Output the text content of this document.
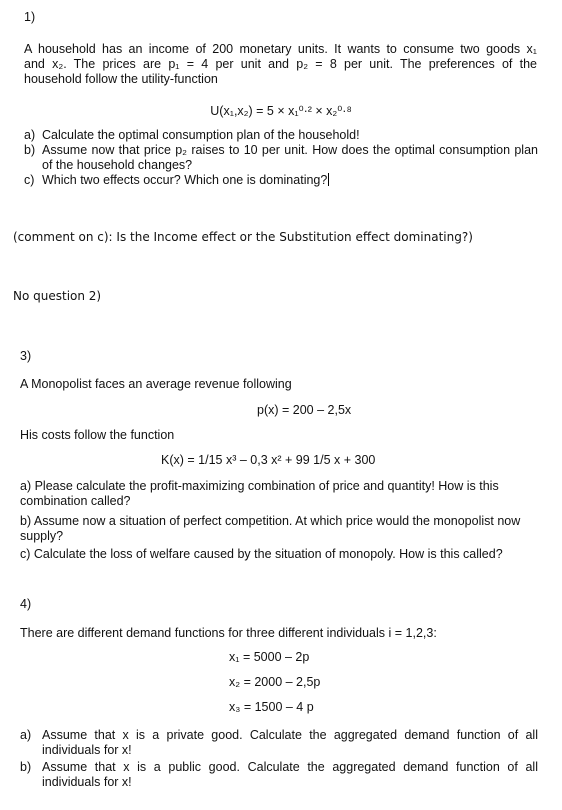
1)
A household has an income of 200 monetary units. It wants to consume two goods x₁
and x₂. The prices are p₁ = 4 per unit and p₂ = 8 per unit. The preferences of the
household follow the utility-function
U(x₁,x₂) = 5 × x₁⁰·² × x₂⁰·⁸
a) Calculate the optimal consumption plan of the household!
b) Assume now that price p₂ raises to 10 per unit. How does the optimal consumption plan of the household changes?
c) Which two effects occur? Which one is dominating?
(comment on c): Is the Income effect or the Substitution effect dominating?)
No question 2)
3)
A Monopolist faces an average revenue following
p(x) = 200 – 2,5x
His costs follow the function
K(x) = 1/15 x³ – 0,3 x² + 99 1/5 x + 300
a) Please calculate the profit-maximizing combination of price and quantity! How is this combination called?
b) Assume now a situation of perfect competition. At which price would the monopolist now supply?
c) Calculate the loss of welfare caused by the situation of monopoly. How is this called?
4)
There are different demand functions for three different individuals i = 1,2,3:
x₁ = 5000 – 2p
x₂ = 2000 – 2,5p
x₃ = 1500 – 4 p
a) Assume that x is a private good. Calculate the aggregated demand function of all individuals for x!
b) Assume that x is a public good. Calculate the aggregated demand function of all individuals for x!
